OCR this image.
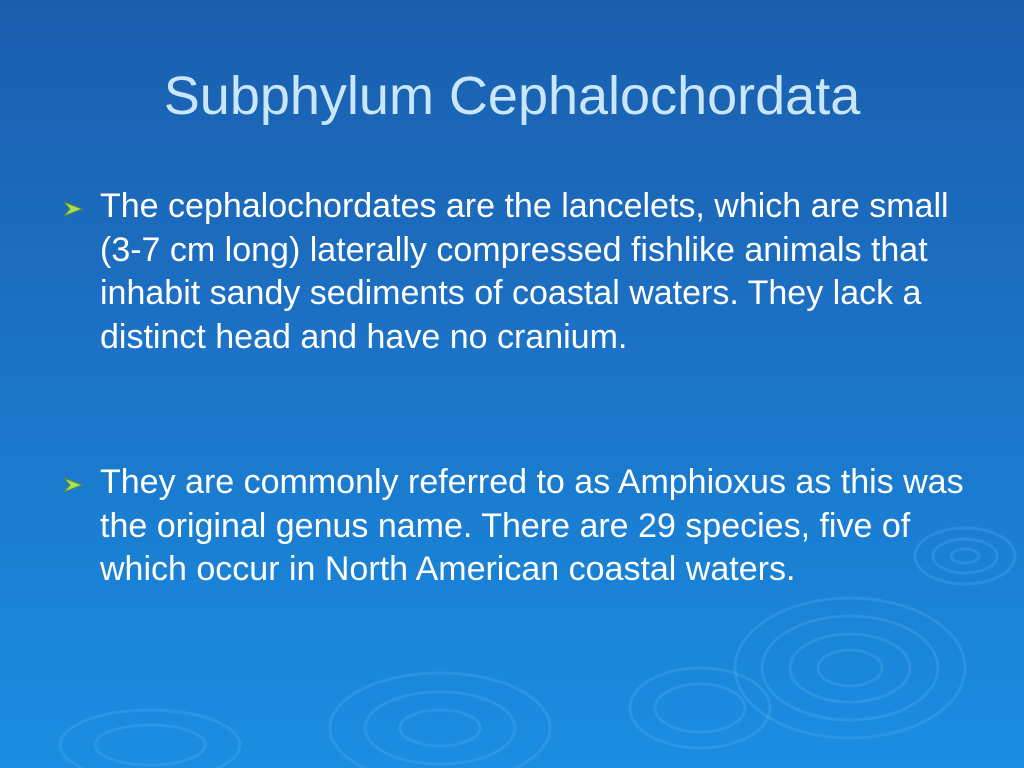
Subphylum Cephalochordata
The cephalochordates are the lancelets, which are small (3-7 cm long) laterally compressed fishlike animals that inhabit sandy sediments of coastal waters. They lack a distinct head and have no cranium.
They are commonly referred to as Amphioxus as this was the original genus name. There are 29 species, five of which occur in North American coastal waters.
